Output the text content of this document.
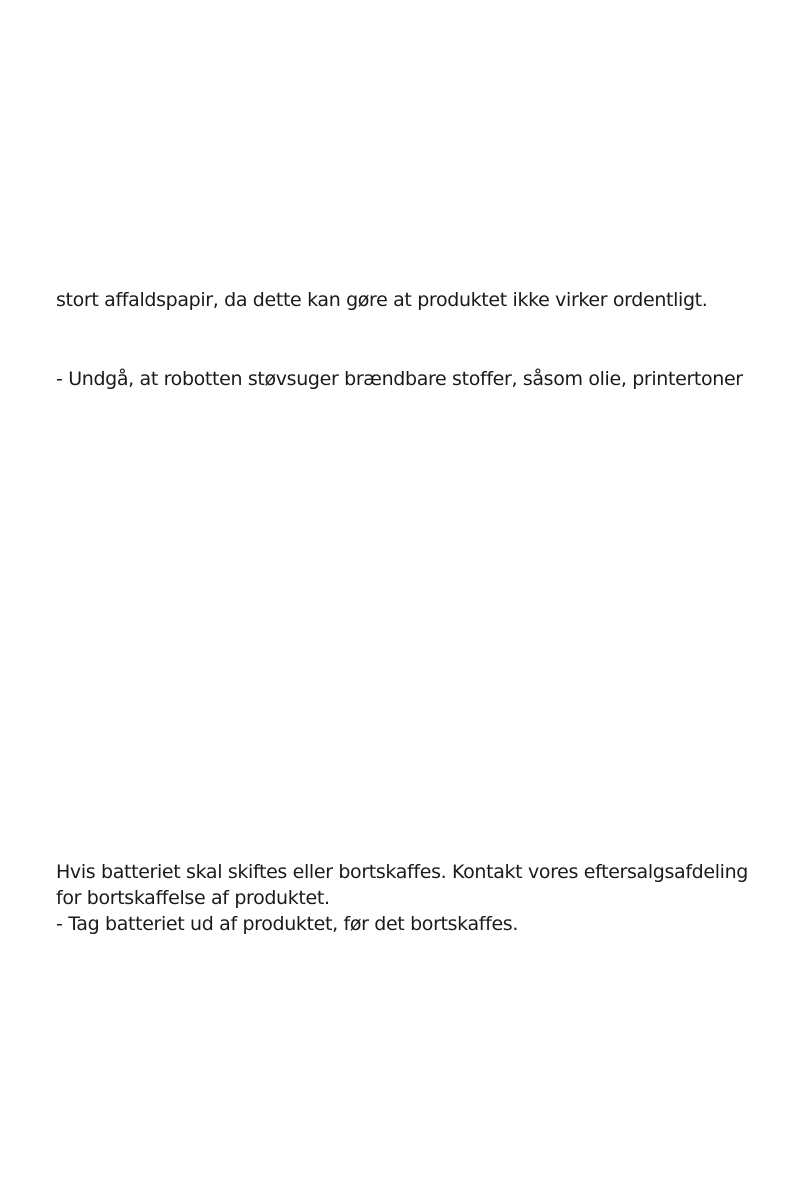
stort affaldspapir, da dette kan gøre at produktet ikke virker ordentligt.

- Undgå, at robotten støvsuger brændbare stoffer, såsom olie, printertoner

Hvis batteriet skal skiftes eller bortskaffes. Kontakt vores eftersalgsafdeling

for bortskaffelse af produktet.

- Tag batteriet ud af produktet, før det bortskaffes.
